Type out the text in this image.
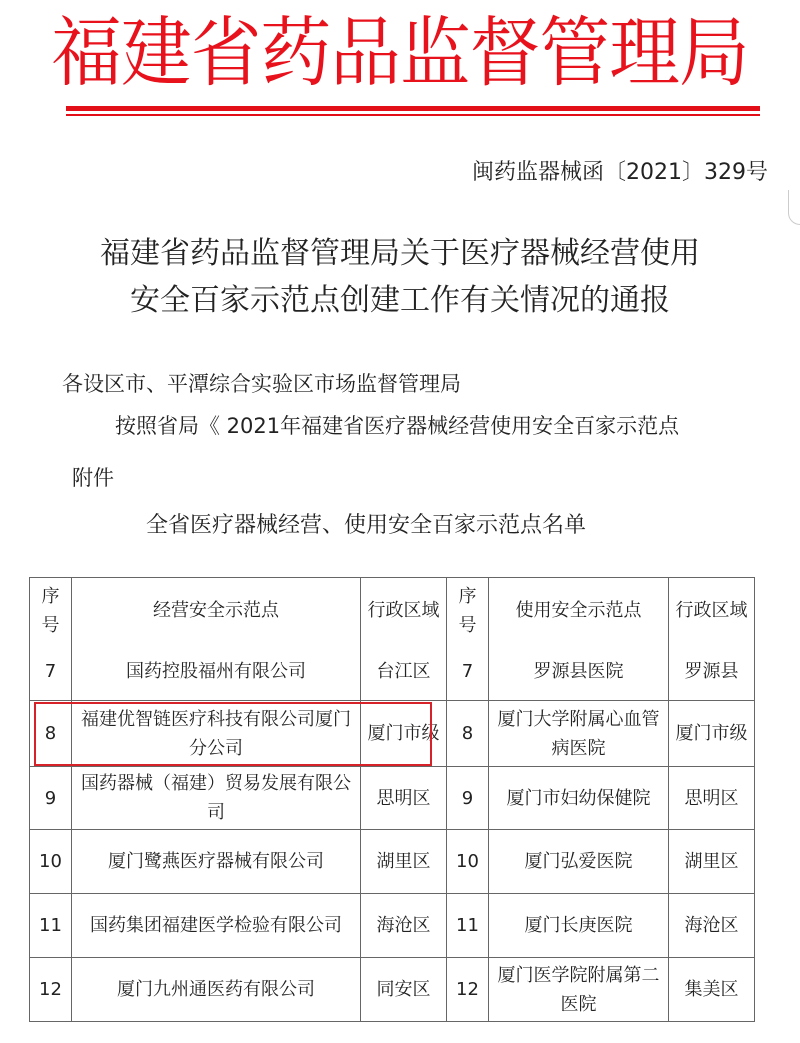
福建省药品监督管理局
闽药监器械函〔2021〕329号
福建省药品监督管理局关于医疗器械经营使用
安全百家示范点创建工作有关情况的通报
各设区市、平潭综合实验区市场监督管理局
按照省局《 2021年福建省医疗器械经营使用安全百家示范点
附件
全省医疗器械经营、使用安全百家示范点名单
序号	经营安全示范点	行政区域	序号	使用安全示范点	行政区域
7	国药控股福州有限公司	台江区	7	罗源县医院	罗源县
8	福建优智链医疗科技有限公司厦门分公司	厦门市级	8	厦门大学附属心血管病医院	厦门市级
9	国药器械（福建）贸易发展有限公司	思明区	9	厦门市妇幼保健院	思明区
10	厦门鹭燕医疗器械有限公司	湖里区	10	厦门弘爱医院	湖里区
11	国药集团福建医学检验有限公司	海沧区	11	厦门长庚医院	海沧区
12	厦门九州通医药有限公司	同安区	12	厦门医学院附属第二医院	集美区
